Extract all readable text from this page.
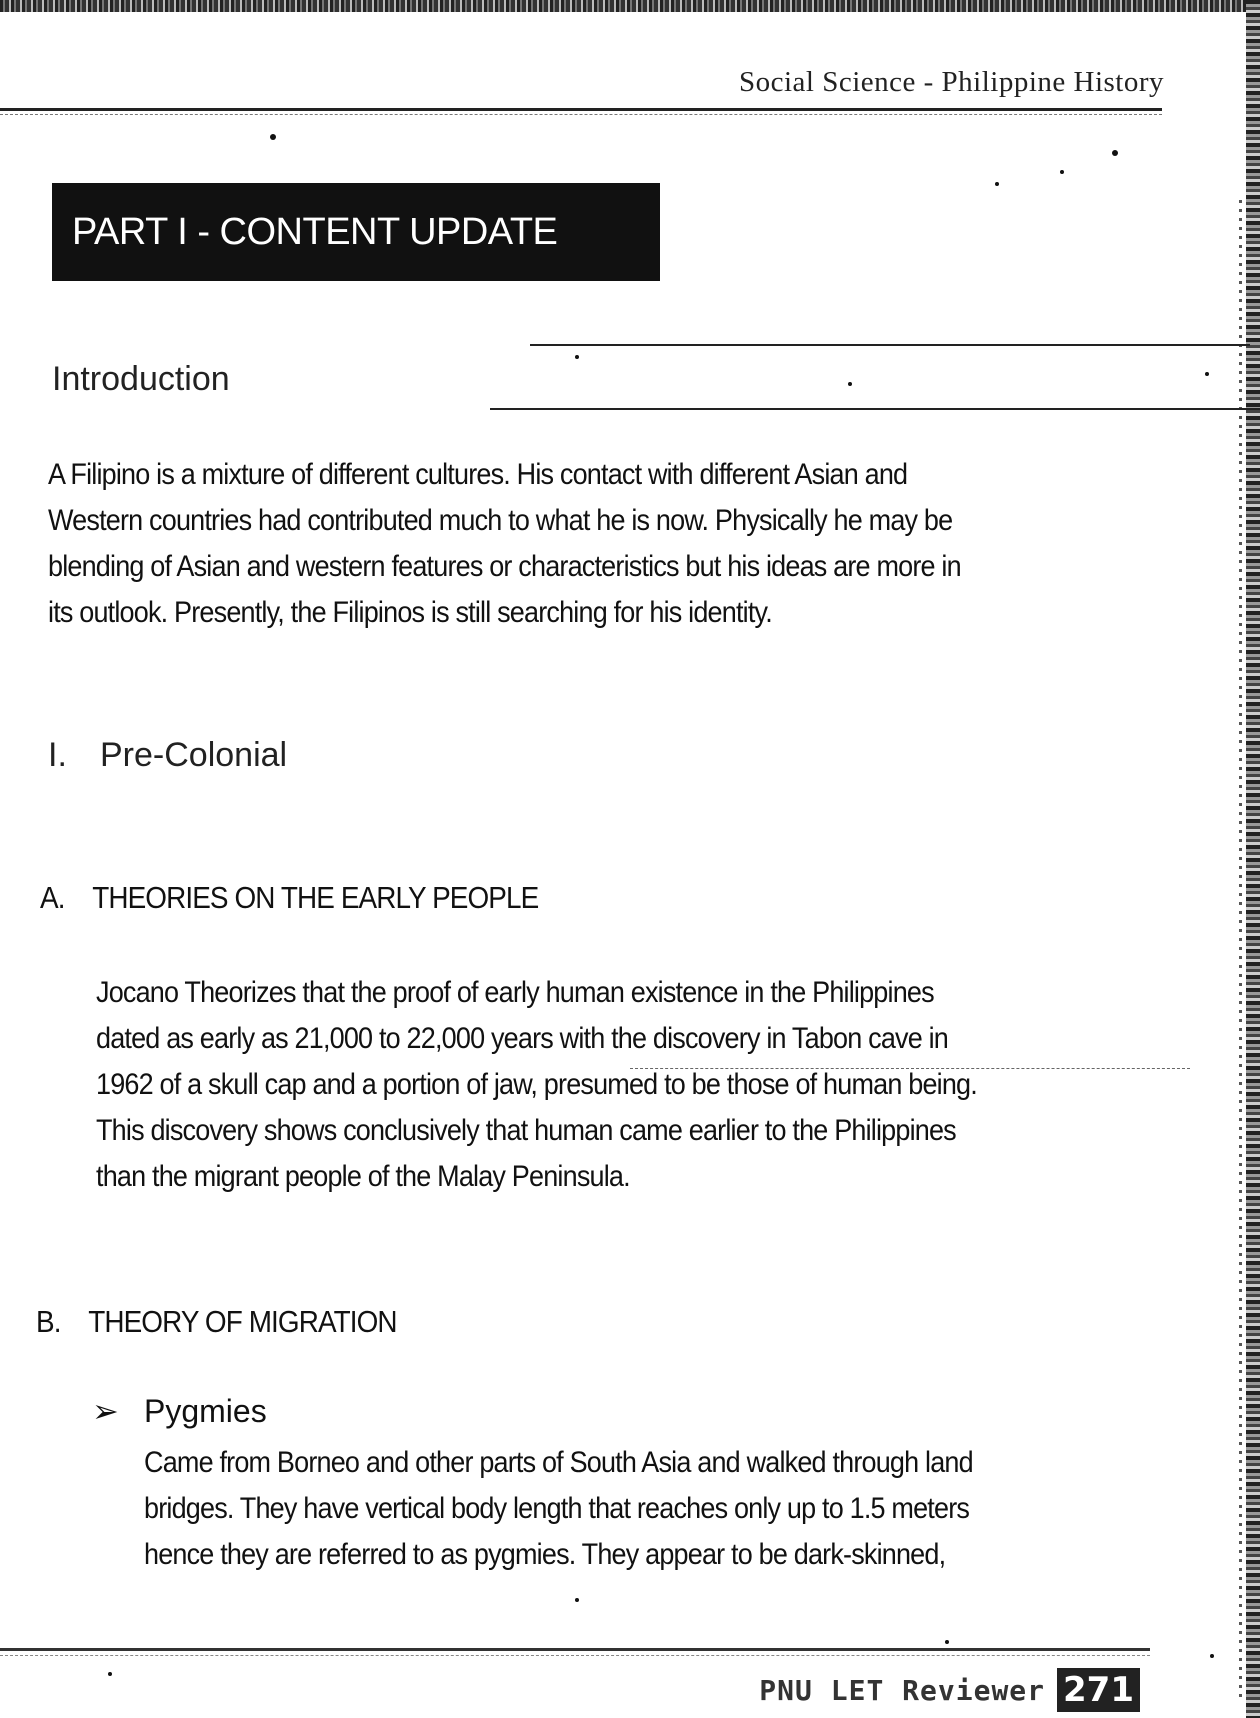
Social Science - Philippine History
PART I - CONTENT UPDATE
Introduction
A Filipino is a mixture of different cultures. His contact with different Asian and
Western countries had contributed much to what he is now. Physically he may be
blending of Asian and western features or characteristics but his ideas are more in
its outlook. Presently, the Filipinos is still searching for his identity.
I. Pre-Colonial
A. THEORIES ON THE EARLY PEOPLE
Jocano Theorizes that the proof of early human existence in the Philippines
dated as early as 21,000 to 22,000 years with the discovery in Tabon cave in
1962 of a skull cap and a portion of jaw, presumed to be those of human being.
This discovery shows conclusively that human came earlier to the Philippines
than the migrant people of the Malay Peninsula.
B. THEORY OF MIGRATION
➢ Pygmies
Came from Borneo and other parts of South Asia and walked through land
bridges. They have vertical body length that reaches only up to 1.5 meters
hence they are referred to as pygmies. They appear to be dark-skinned,
PNU LET Reviewer 271
